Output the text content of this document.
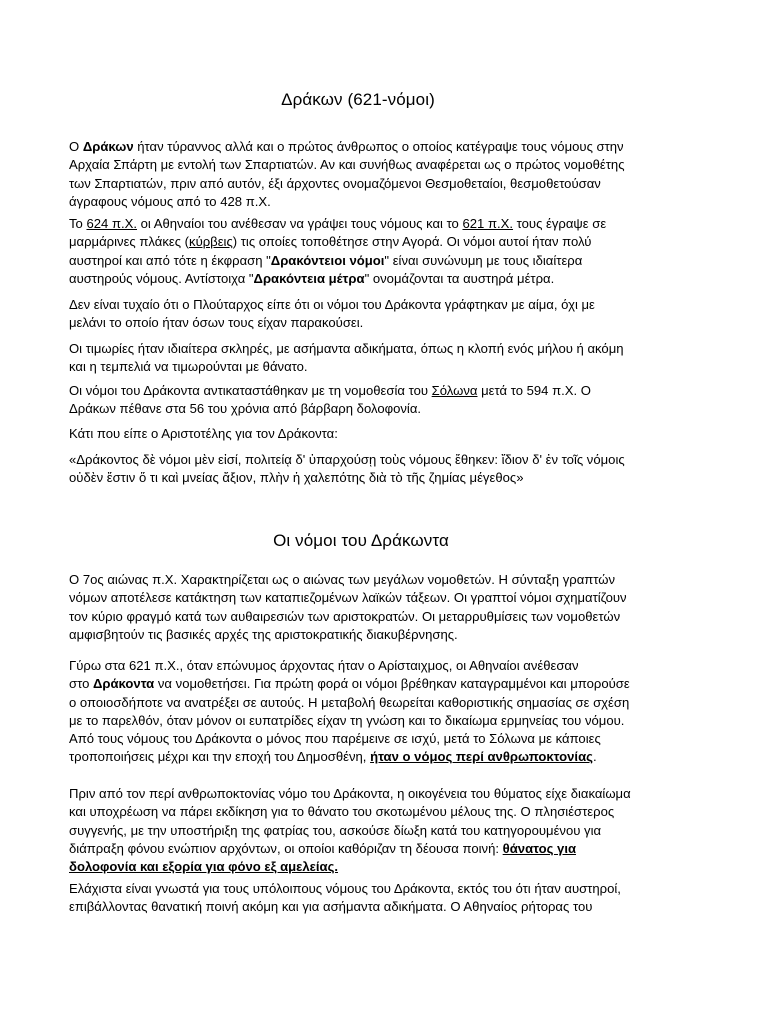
Δράκων (621-νόμοι)

Ο Δράκων ήταν τύραννος αλλά και ο πρώτος άνθρωπος ο οποίος κατέγραψε τους νόμους στην
Αρχαία Σπάρτη με εντολή των Σπαρτιατών. Αν και συνήθως αναφέρεται ως ο πρώτος νομοθέτης
των Σπαρτιατών, πριν από αυτόν, έξι άρχοντες ονομαζόμενοι Θεσμοθεταίοι, θεσμοθετούσαν
άγραφους νόμους από το 428 π.Χ.

Το 624 π.Χ. οι Αθηναίοι του ανέθεσαν να γράψει τους νόμους και το 621 π.Χ. τους έγραψε σε
μαρμάρινες πλάκες (κύρβεις) τις οποίες τοποθέτησε στην Αγορά. Οι νόμοι αυτοί ήταν πολύ
αυστηροί και από τότε η έκφραση "Δρακόντειοι νόμοι" είναι συνώνυμη με τους ιδιαίτερα
αυστηρούς νόμους. Αντίστοιχα "Δρακόντεια μέτρα" ονομάζονται τα αυστηρά μέτρα.

Δεν είναι τυχαίο ότι ο Πλούταρχος είπε ότι οι νόμοι του Δράκοντα γράφτηκαν με αίμα, όχι με
μελάνι το οποίο ήταν όσων τους είχαν παρακούσει.

Οι τιμωρίες ήταν ιδιαίτερα σκληρές, με ασήμαντα αδικήματα, όπως η κλοπή ενός μήλου ή ακόμη
και η τεμπελιά να τιμωρούνται με θάνατο.

Οι νόμοι του Δράκοντα αντικαταστάθηκαν με τη νομοθεσία του Σόλωνα μετά το 594 π.Χ. Ο
Δράκων πέθανε στα 56 του χρόνια από βάρβαρη δολοφονία.

Κάτι που είπε ο Αριστοτέλης για τον Δράκοντα:

«Δράκοντος δὲ νόμοι μὲν εἰσί, πολιτείᾳ δ' ὑπαρχούσῃ τοὺς νόμους ἔθηκεν: ἴδιον δ' ἐν τοῖς νόμοις
οὐδὲν ἔστιν ὅ τι καὶ μνείας ἄξιον, πλὴν ἡ χαλεπότης διὰ τὸ τῆς ζημίας μέγεθος»

Οι νόμοι του Δράκωντα

Ο 7ος αιώνας π.Χ. Χαρακτηρίζεται ως ο αιώνας των μεγάλων νομοθετών. Η σύνταξη γραπτών
νόμων αποτέλεσε κατάκτηση των καταπιεζομένων λαϊκών τάξεων. Οι γραπτοί νόμοι σχηματίζουν
τον κύριο φραγμό κατά των αυθαιρεσιών των αριστοκρατών. Οι μεταρρυθμίσεις των νομοθετών
αμφισβητούν τις βασικές αρχές της αριστοκρατικής διακυβέρνησης.

Γύρω στα 621 π.Χ., όταν επώνυμος άρχοντας ήταν ο Αρίσταιχμος, οι Αθηναίοι ανέθεσαν
στο Δράκοντα να νομοθετήσει. Για πρώτη φορά οι νόμοι βρέθηκαν καταγραμμένοι και μπορούσε
ο οποιοσδήποτε να ανατρέξει σε αυτούς. Η μεταβολή θεωρείται καθοριστικής σημασίας σε σχέση
με το παρελθόν, όταν μόνον οι ευπατρίδες είχαν τη γνώση και το δικαίωμα ερμηνείας του νόμου.
Από τους νόμους του Δράκοντα ο μόνος που παρέμεινε σε ισχύ, μετά το Σόλωνα με κάποιες
τροποποιήσεις μέχρι και την εποχή του Δημοσθένη, ήταν ο νόμος περί ανθρωποκτονίας.

Πριν από τον περί ανθρωποκτονίας νόμο του Δράκοντα, η οικογένεια του θύματος είχε διακαίωμα
και υποχρέωση να πάρει εκδίκηση για το θάνατο του σκοτωμένου μέλους της. Ο πλησιέστερος
συγγενής, με την υποστήριξη της φατρίας του, ασκούσε δίωξη κατά του κατηγορουμένου για
διάπραξη φόνου ενώπιον αρχόντων, οι οποίοι καθόριζαν τη δέουσα ποινή: θάνατος για
δολοφονία και εξορία για φόνο εξ αμελείας.

Ελάχιστα είναι γνωστά για τους υπόλοιπους νόμους του Δράκοντα, εκτός του ότι ήταν αυστηροί,
επιβάλλοντας θανατική ποινή ακόμη και για ασήμαντα αδικήματα. Ο Αθηναίος ρήτορας του
